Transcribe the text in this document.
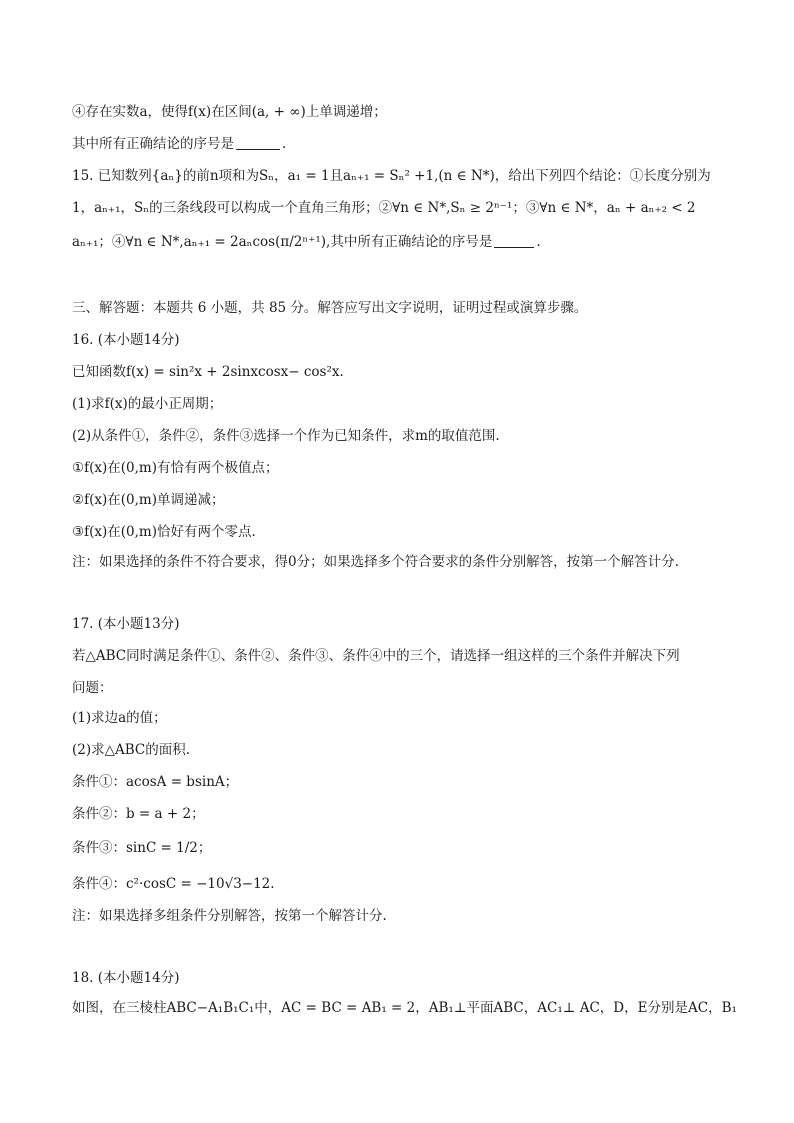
④存在实数a，使得f(x)在区间(a, + ∞)上单调递增；
其中所有正确结论的序号是	.
15. 已知数列{aₙ}的前n项和为Sₙ，a₁ = 1且aₙ₊₁ = Sₙ² +1,(n ∈ N*)，给出下列四个结论：①长度分别为
1，aₙ₊₁，Sₙ的三条线段可以构成一个直角三角形；②∀n ∈ N*,Sₙ ≥ 2ⁿ⁻¹；③∀n ∈ N*，aₙ + aₙ₊₂ < 2
aₙ₊₁；④∀n ∈ N*,aₙ₊₁ = 2aₙcos(π/2ⁿ⁺¹),其中所有正确结论的序号是	.
三、解答题：本题共 6 小题，共 85 分。解答应写出文字说明，证明过程或演算步骤。
16. (本小题14分)
已知函数f(x) = sin²x + 2sinxcosx− cos²x.
(1)求f(x)的最小正周期；
(2)从条件①，条件②，条件③选择一个作为已知条件，求m的取值范围.
①f(x)在(0,m)有恰有两个极值点；
②f(x)在(0,m)单调递减；
③f(x)在(0,m)恰好有两个零点.
注：如果选择的条件不符合要求，得0分；如果选择多个符合要求的条件分别解答，按第一个解答计分.
17. (本小题13分)
若△ABC同时满足条件①、条件②、条件③、条件④中的三个，请选择一组这样的三个条件并解决下列
问题：
(1)求边a的值；
(2)求△ABC的面积.
条件①：acosA = bsinA；
条件②：b = a + 2；
条件③：sinC = 1/2；
条件④：c²·cosC = −10√3−12.
注：如果选择多组条件分别解答，按第一个解答计分.
18. (本小题14分)
如图，在三棱柱ABC−A₁B₁C₁中，AC = BC = AB₁ = 2，AB₁⊥平面ABC，AC₁⊥ AC，D，E分别是AC，B₁
